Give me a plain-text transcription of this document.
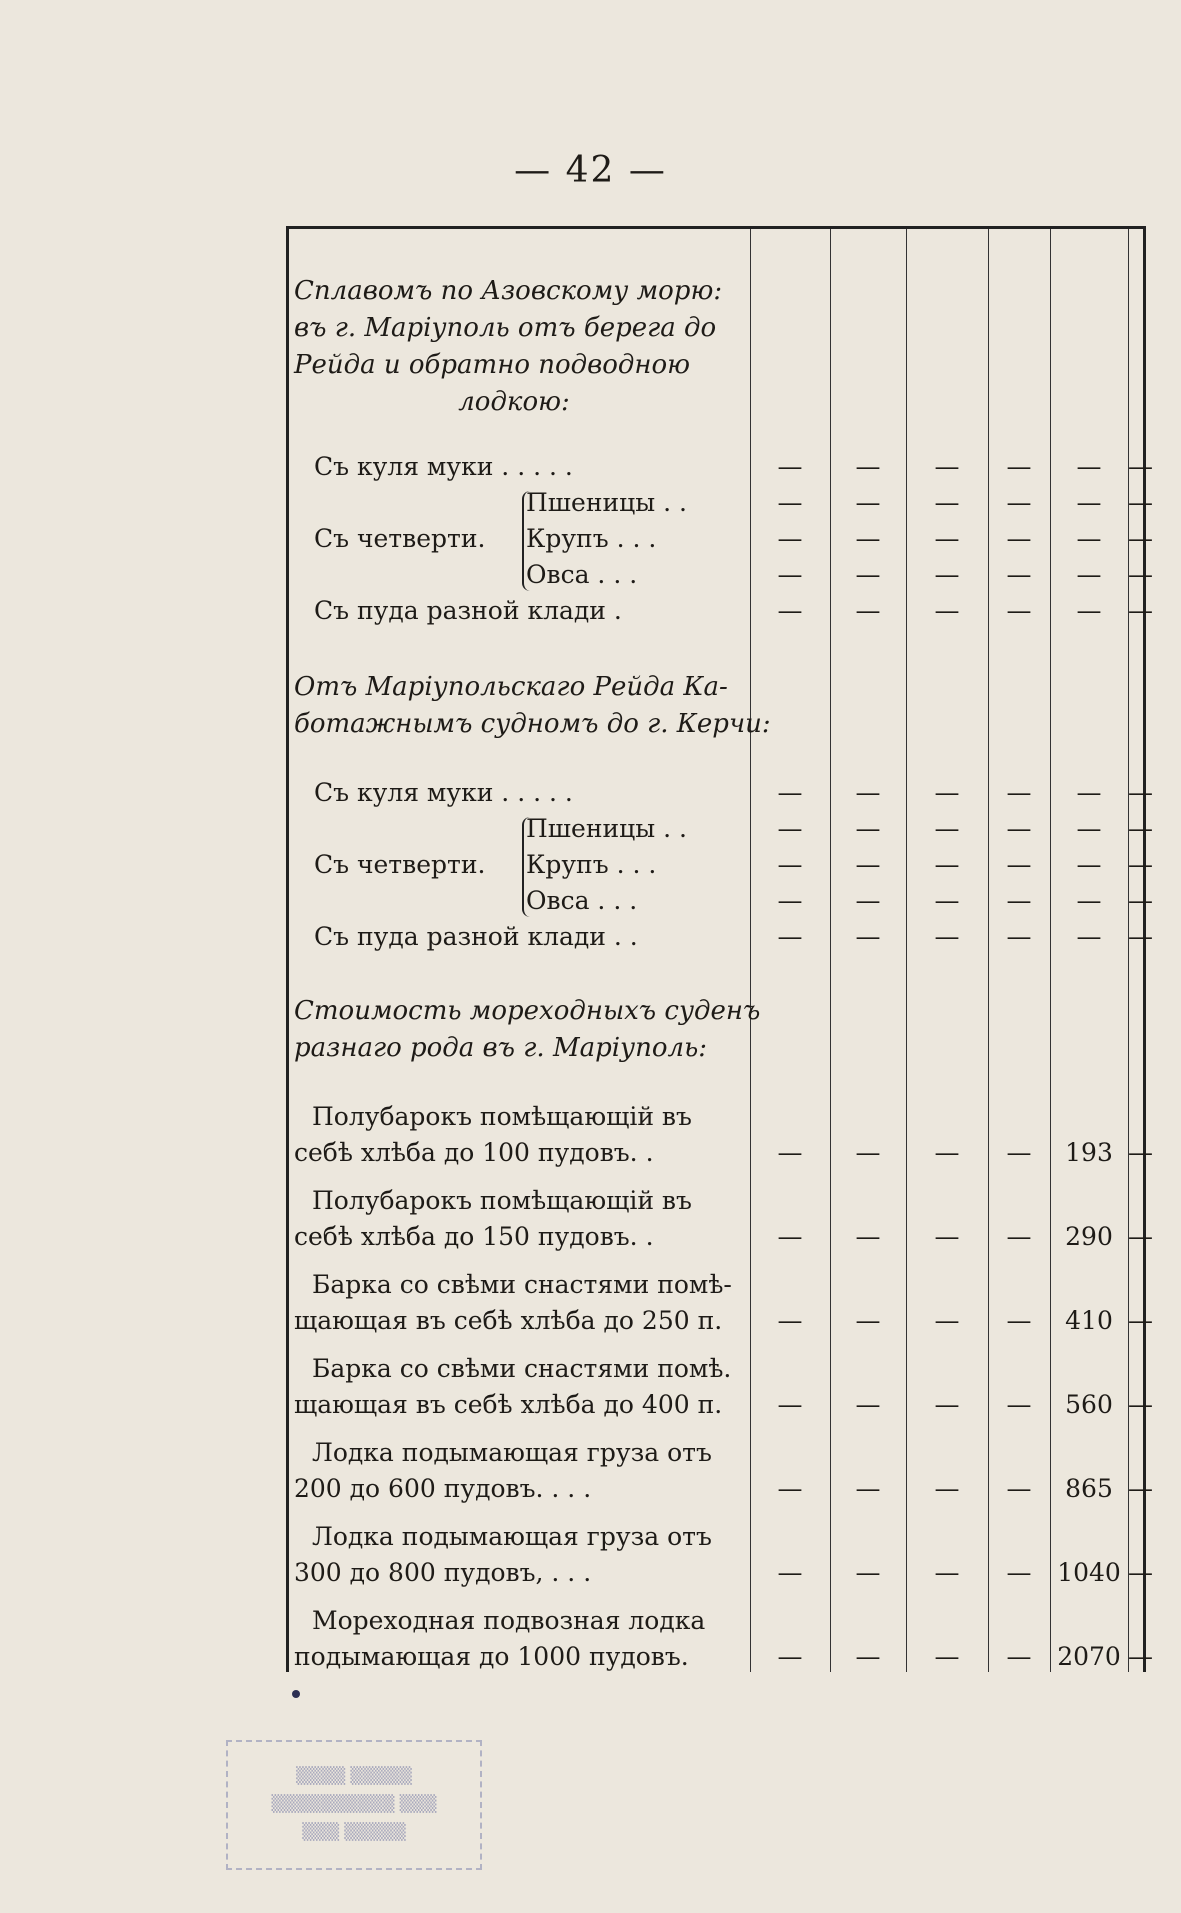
— 42 —
Сплавомъ по Азовскому морю:
въ г. Маріуполь отъ берега до
Рейда и обратно подводною
лодкою:
Съ куля муки . . . . .	—	—	—	—	—	—
Пшеницы . .	—	—	—	—	—	—
Съ четверти.	Крупъ . . .	—	—	—	—	—	—
Овса . . .	—	—	—	—	—	—
Съ пуда разной клади .	—	—	—	—	—	—
Отъ Маріупольскаго Рейда Ка-
ботажнымъ судномъ до г. Керчи:
Съ куля муки . . . . .	—	—	—	—	—	—
Пшеницы . .	—	—	—	—	—	—
Съ четверти.	Крупъ . . .	—	—	—	—	—	—
Овса . . .	—	—	—	—	—	—
Съ пуда разной клади . .	—	—	—	—	—	—
Стоимость мореходныхъ суденъ
разнаго рода въ г. Маріуполь:
Полубарокъ помѣщающій въ
себѣ хлѣба до 100 пудовъ. .	—	—	—	—	193 —
Полубарокъ помѣщающій въ
себѣ хлѣба до 150 пудовъ. .	—	—	—	—	290 —
Барка со свѣми снастями помѣ-
щающая въ себѣ хлѣба до 250 п.	—	—	—	—	410 —
Барка со свѣми снастями помѣ.
щающая въ себѣ хлѣба до 400 п.	—	—	—	—	560 —
Лодка подымающая груза отъ
200 до 600 пудовъ. . . .	—	—	—	—	865 —
Лодка подымающая груза отъ
300 до 800 пудовъ, . . .	—	—	—	—	1040 —
Мореходная подвозная лодка
подымающая до 1000 пудовъ.	—	—	—	—	2070 —
▒▒▒▒ ▒▒▒▒▒
▒▒▒▒▒▒▒▒▒▒ ▒▒▒
▒▒▒ ▒▒▒▒▒
